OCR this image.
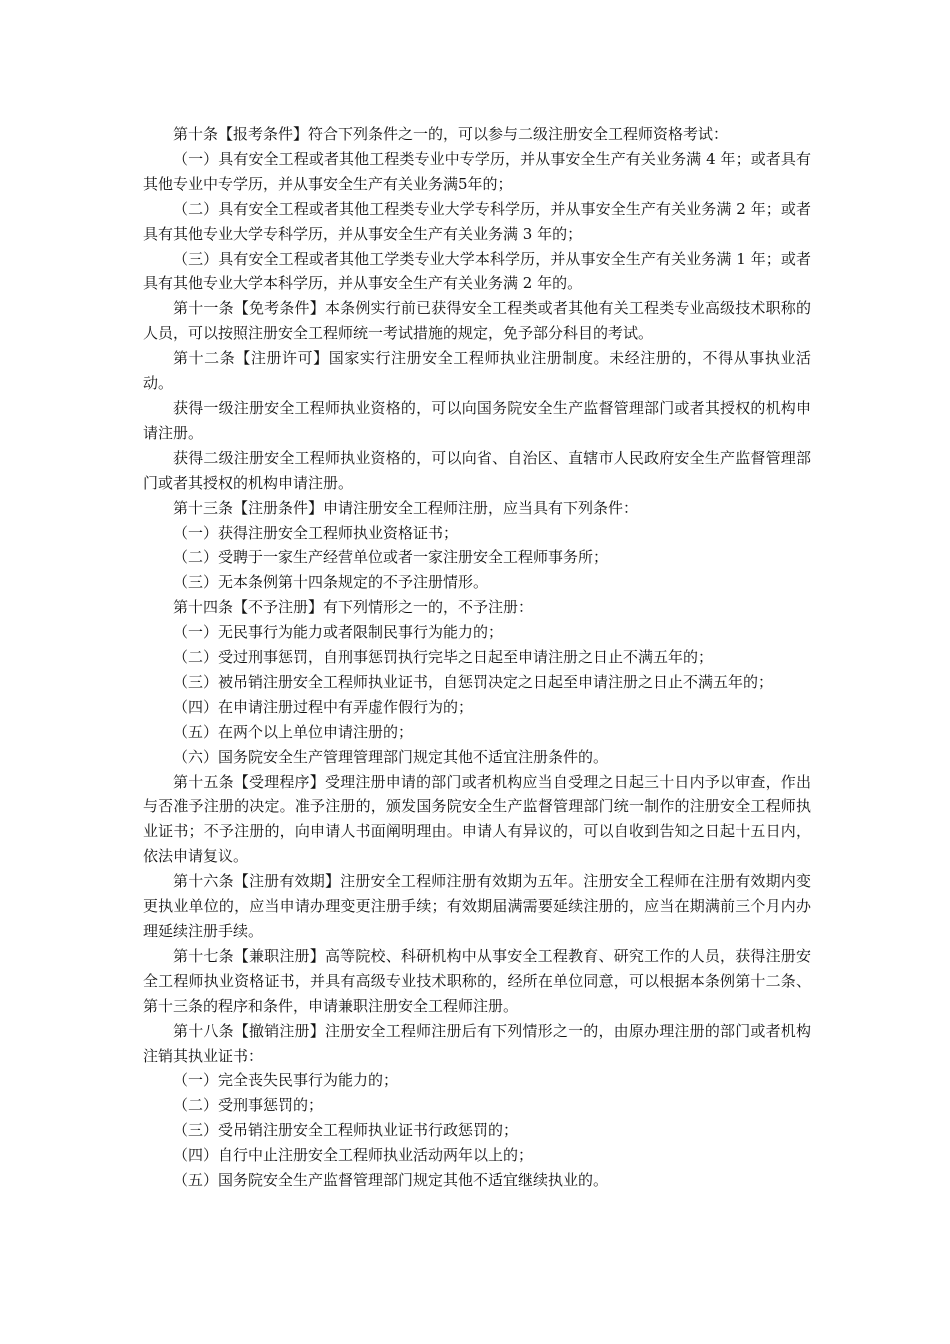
第十条【报考条件】符合下列条件之一的，可以参与二级注册安全工程师资格考试：

（一）具有安全工程或者其他工程类专业中专学历，并从事安全生产有关业务满 4 年；或者具有其他专业中专学历，并从事安全生产有关业务满5年的；

（二）具有安全工程或者其他工程类专业大学专科学历，并从事安全生产有关业务满 2 年；或者具有其他专业大学专科学历，并从事安全生产有关业务满 3 年的；

（三）具有安全工程或者其他工学类专业大学本科学历，并从事安全生产有关业务满 1 年；或者具有其他专业大学本科学历，并从事安全生产有关业务满 2 年的。

第十一条【免考条件】本条例实行前已获得安全工程类或者其他有关工程类专业高级技术职称的人员，可以按照注册安全工程师统一考试措施的规定，免予部分科目的考试。

第十二条【注册许可】国家实行注册安全工程师执业注册制度。未经注册的，不得从事执业活动。

获得一级注册安全工程师执业资格的，可以向国务院安全生产监督管理部门或者其授权的机构申请注册。

获得二级注册安全工程师执业资格的，可以向省、自治区、直辖市人民政府安全生产监督管理部门或者其授权的机构申请注册。

第十三条【注册条件】申请注册安全工程师注册，应当具有下列条件：

（一）获得注册安全工程师执业资格证书；

（二）受聘于一家生产经营单位或者一家注册安全工程师事务所；

（三）无本条例第十四条规定的不予注册情形。

第十四条【不予注册】有下列情形之一的，不予注册：

（一）无民事行为能力或者限制民事行为能力的；

（二）受过刑事惩罚，自刑事惩罚执行完毕之日起至申请注册之日止不满五年的；

（三）被吊销注册安全工程师执业证书，自惩罚决定之日起至申请注册之日止不满五年的；

（四）在申请注册过程中有弄虚作假行为的；

（五）在两个以上单位申请注册的；

（六）国务院安全生产管理管理部门规定其他不适宜注册条件的。

第十五条【受理程序】受理注册申请的部门或者机构应当自受理之日起三十日内予以审查，作出与否准予注册的决定。准予注册的，颁发国务院安全生产监督管理部门统一制作的注册安全工程师执业证书；不予注册的，向申请人书面阐明理由。申请人有异议的，可以自收到告知之日起十五日内，依法申请复议。

第十六条【注册有效期】注册安全工程师注册有效期为五年。注册安全工程师在注册有效期内变更执业单位的，应当申请办理变更注册手续；有效期届满需要延续注册的，应当在期满前三个月内办理延续注册手续。

第十七条【兼职注册】高等院校、科研机构中从事安全工程教育、研究工作的人员，获得注册安全工程师执业资格证书，并具有高级专业技术职称的，经所在单位同意，可以根据本条例第十二条、第十三条的程序和条件，申请兼职注册安全工程师注册。

第十八条【撤销注册】注册安全工程师注册后有下列情形之一的，由原办理注册的部门或者机构注销其执业证书：

（一）完全丧失民事行为能力的；

（二）受刑事惩罚的；

（三）受吊销注册安全工程师执业证书行政惩罚的；

（四）自行中止注册安全工程师执业活动两年以上的；

（五）国务院安全生产监督管理部门规定其他不适宜继续执业的。
